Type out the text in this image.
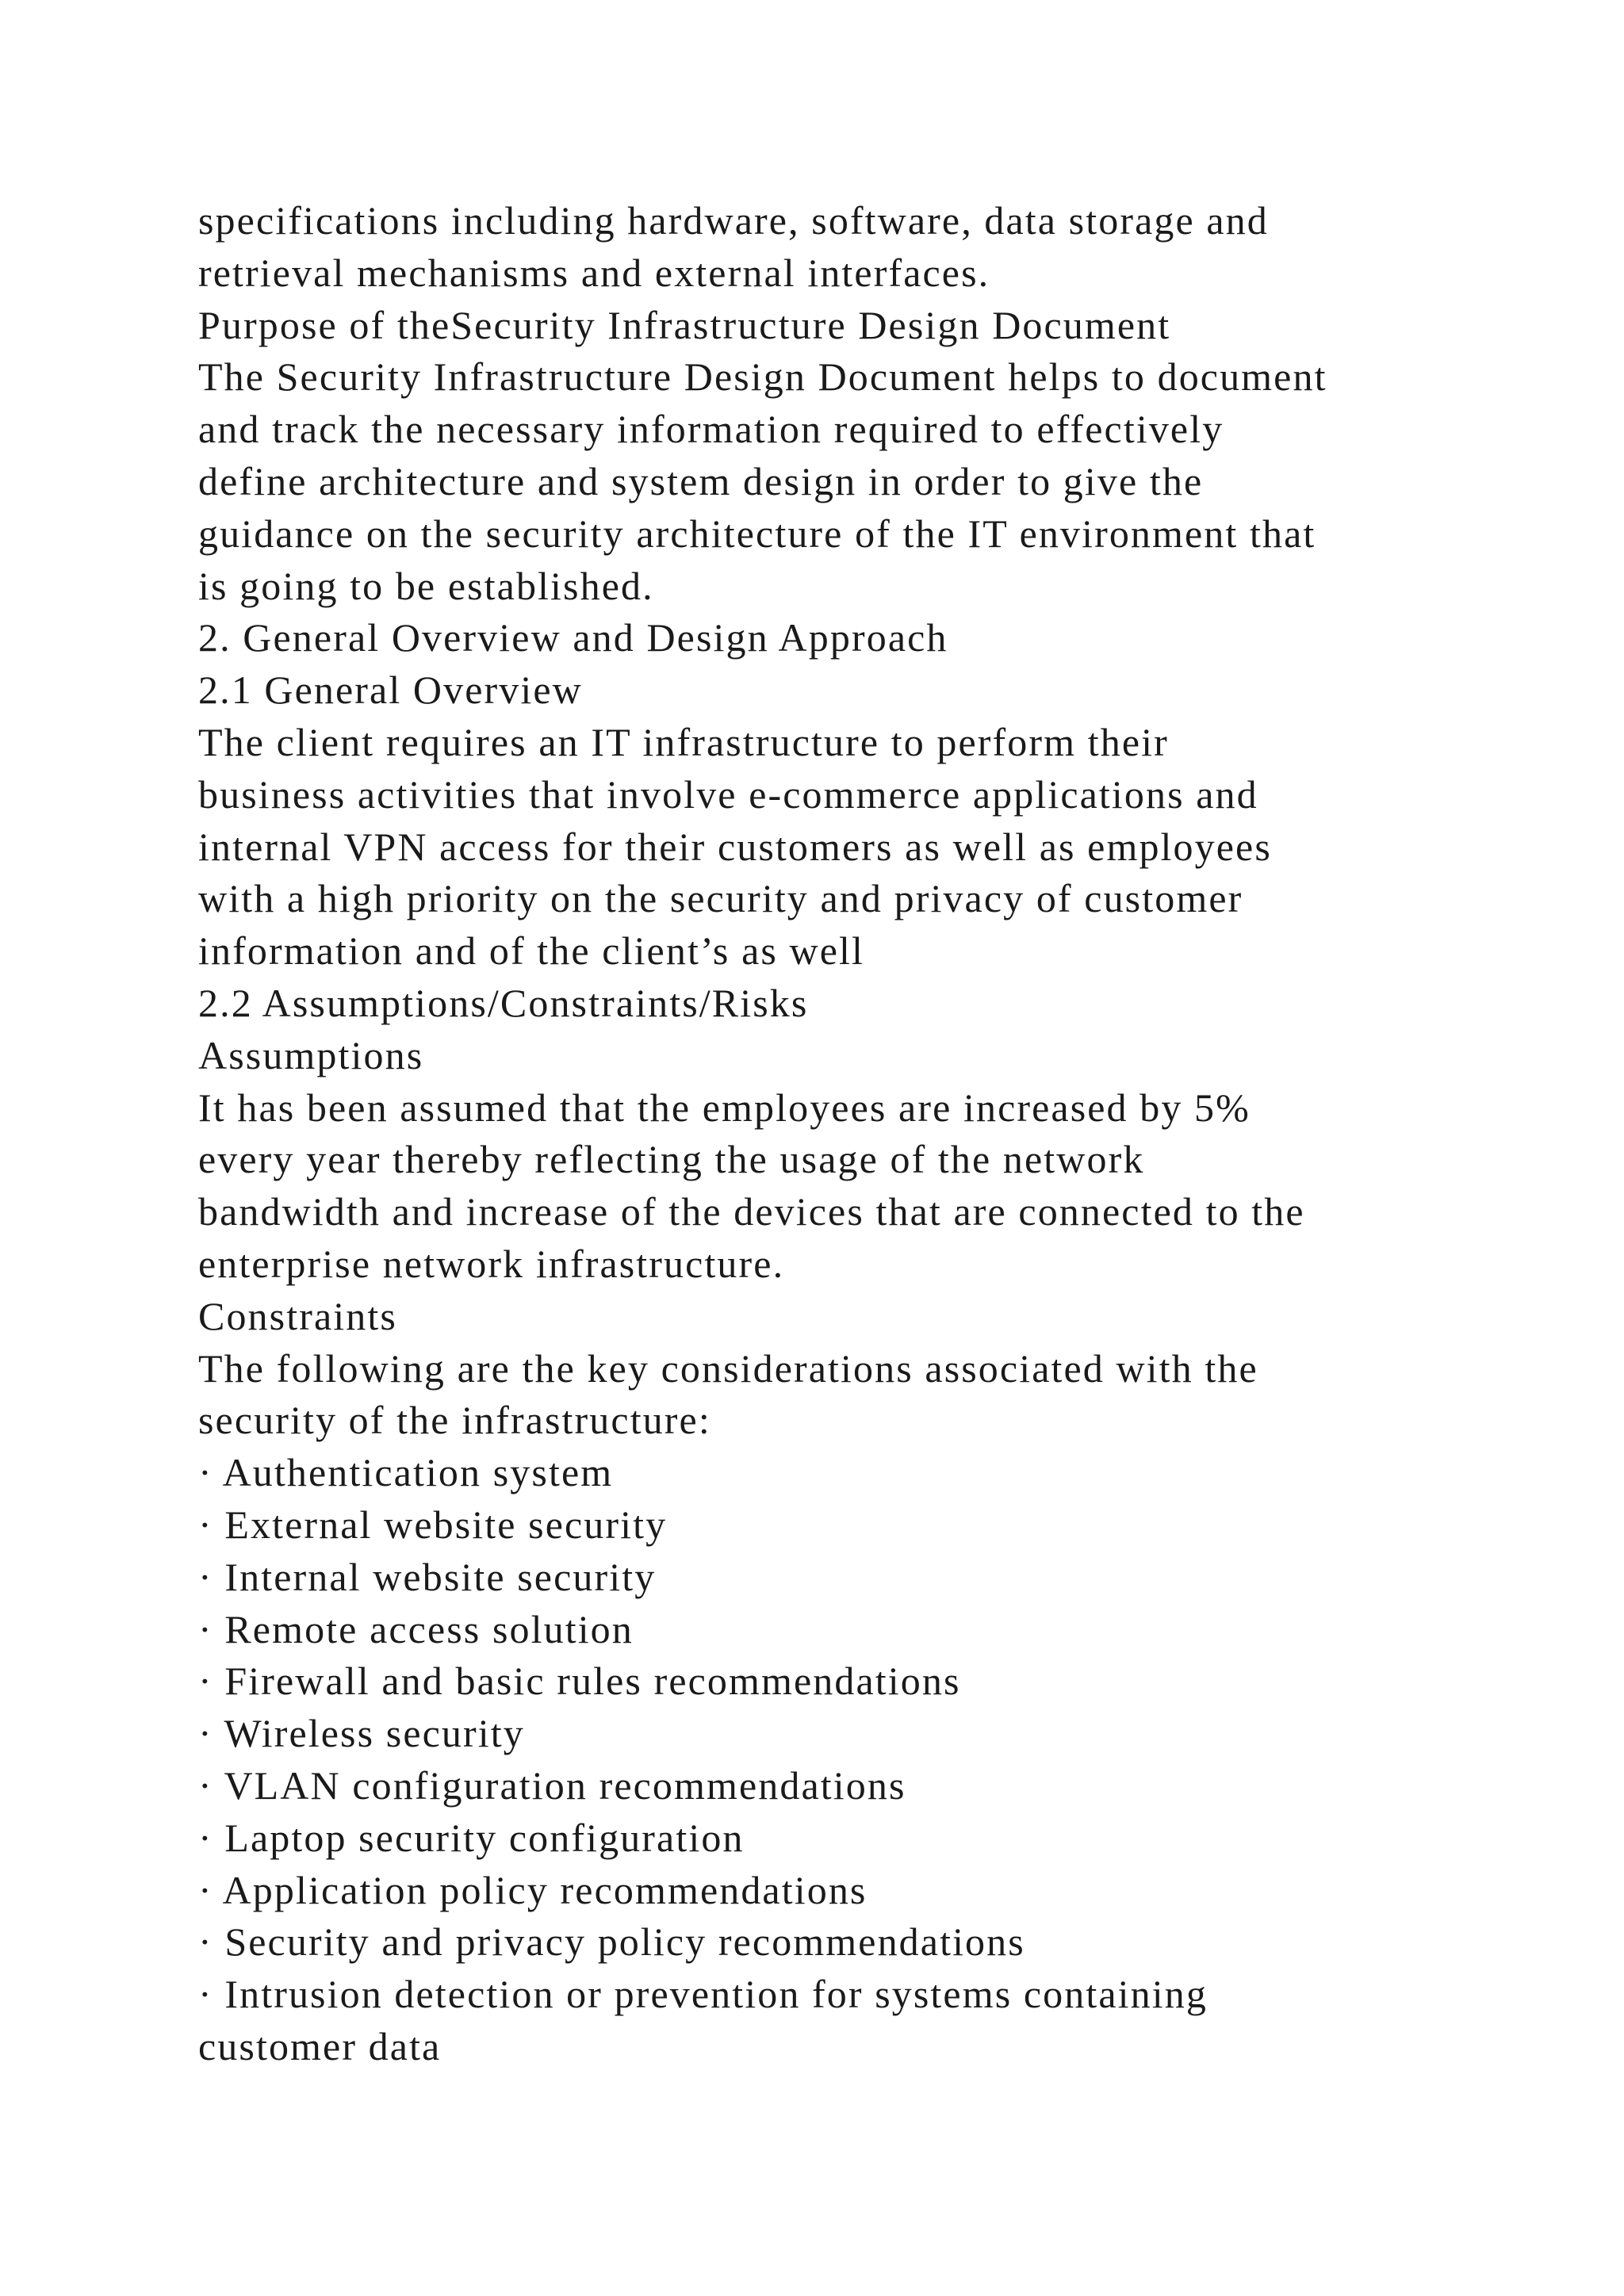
specifications including hardware, software, data storage and
retrieval mechanisms and external interfaces.
Purpose of theSecurity Infrastructure Design Document
The Security Infrastructure Design Document helps to document
and track the necessary information required to effectively
define architecture and system design in order to give the
guidance on the security architecture of the IT environment that
is going to be established.
2. General Overview and Design Approach
2.1 General Overview
The client requires an IT infrastructure to perform their
business activities that involve e-commerce applications and
internal VPN access for their customers as well as employees
with a high priority on the security and privacy of customer
information and of the client’s as well
2.2 Assumptions/Constraints/Risks
Assumptions
It has been assumed that the employees are increased by 5%
every year thereby reflecting the usage of the network
bandwidth and increase of the devices that are connected to the
enterprise network infrastructure.
Constraints
The following are the key considerations associated with the
security of the infrastructure:
· Authentication system
· External website security
· Internal website security
· Remote access solution
· Firewall and basic rules recommendations
· Wireless security
· VLAN configuration recommendations
· Laptop security configuration
· Application policy recommendations
· Security and privacy policy recommendations
· Intrusion detection or prevention for systems containing
customer data
